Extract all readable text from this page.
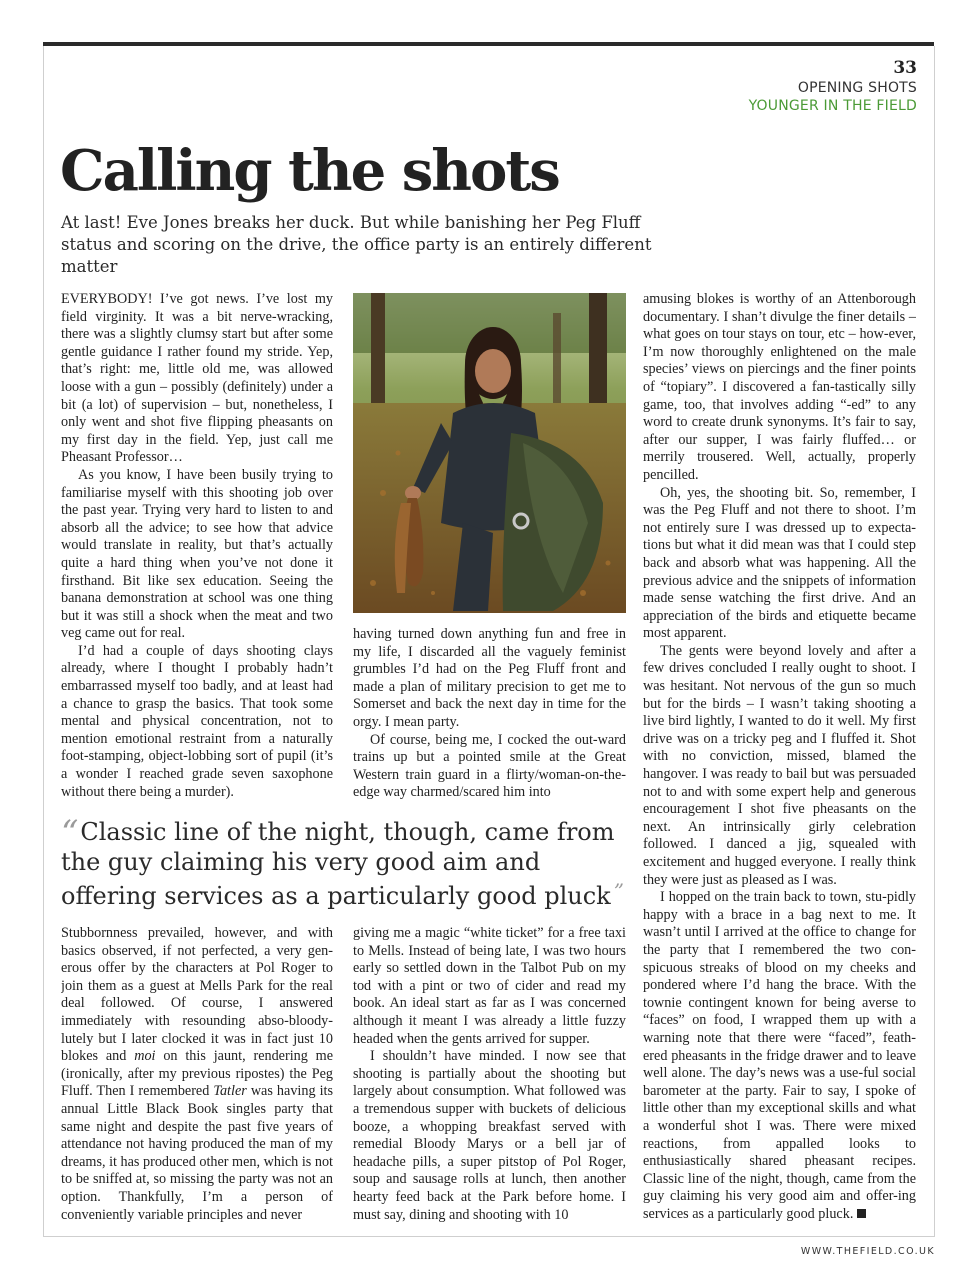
33
OPENING SHOTS
YOUNGER IN THE FIELD
Calling the shots
At last! Eve Jones breaks her duck. But while banishing her Peg Fluff status and scoring on the drive, the office party is an entirely different matter

EVERYBODY! I’ve got news. I’ve lost my field virginity. It was a bit nerve-wracking, there was a slightly clumsy start but after some gentle guidance I rather found my stride. Yep, that’s right: me, little old me, was allowed loose with a gun – possibly (definitely) under a bit (a lot) of supervision – but, nonetheless, I only went and shot five flipping pheasants on my first day in the field. Yep, just call me Pheasant Professor…

As you know, I have been busily trying to familiarise myself with this shooting job over the past year. Trying very hard to listen to and absorb all the advice; to see how that advice would translate in reality, but that’s actually quite a hard thing when you’ve not done it firsthand. Bit like sex education. Seeing the banana demonstration at school was one thing but it was still a shock when the meat and two veg came out for real.

I’d had a couple of days shooting clays already, where I thought I probably hadn’t embarrassed myself too badly, and at least had a chance to grasp the basics. That took some mental and physical concentration, not to mention emotional restraint from a naturally foot-stamping, object-lobbing sort of pupil (it’s a wonder I reached grade seven saxophone without there being a murder).

having turned down anything fun and free in my life, I discarded all the vaguely feminist grumbles I’d had on the Peg Fluff front and made a plan of military precision to get me to Somerset and back the next day in time for the orgy. I mean party.

Of course, being me, I cocked the out-ward trains up but a pointed smile at the Great Western train guard in a flirty/woman-on-the-edge way charmed/scared him into

amusing blokes is worthy of an Attenborough documentary. I shan’t divulge the finer details – what goes on tour stays on tour, etc – how-ever, I’m now thoroughly enlightened on the male species’ views on piercings and the finer points of “topiary”. I discovered a fan-tastically silly game, too, that involves adding “-ed” to any word to create drunk synonyms. It’s fair to say, after our supper, I was fairly fluffed… or merrily trousered. Well, actually, properly pencilled.

Oh, yes, the shooting bit. So, remember, I was the Peg Fluff and not there to shoot. I’m not entirely sure I was dressed up to expecta-tions but what it did mean was that I could step back and absorb what was happening. All the previous advice and the snippets of information made sense watching the first drive. And an appreciation of the birds and etiquette became most apparent.

The gents were beyond lovely and after a few drives concluded I really ought to shoot. I was hesitant. Not nervous of the gun so much but for the birds – I wasn’t taking shooting a live bird lightly, I wanted to do it well. My first drive was on a tricky peg and I fluffed it. Shot with no conviction, missed, blamed the hangover. I was ready to bail but was persuaded not to and with some expert help and generous encouragement I shot five pheasants on the next. An intrinsically girly celebration followed. I danced a jig, squealed with excitement and hugged everyone. I really think they were just as pleased as I was.

I hopped on the train back to town, stu-pidly happy with a brace in a bag next to me. It wasn’t until I arrived at the office to change for the party that I remembered the two con-spicuous streaks of blood on my cheeks and pondered where I’d hang the brace. With the townie contingent known for being averse to “faces” on food, I wrapped them up with a warning note that there were “faced”, feath-ered pheasants in the fridge drawer and to leave well alone. The day’s news was a use-ful social barometer at the party. Fair to say, I spoke of little other than my exceptional skills and what a wonderful shot I was. There were mixed reactions, from appalled looks to enthusiastically shared pheasant recipes. Classic line of the night, though, came from the guy claiming his very good aim and offer-ing services as a particularly good pluck.

“Classic line of the night, though, came from the guy claiming his very good aim and offering services as a particularly good pluck ”

Stubbornness prevailed, however, and with basics observed, if not perfected, a very gen-erous offer by the characters at Pol Roger to join them as a guest at Mells Park for the real deal followed. Of course, I answered immediately with resounding abso-bloody-lutely but I later clocked it was in fact just 10 blokes and moi on this jaunt, rendering me (ironically, after my previous ripostes) the Peg Fluff. Then I remembered Tatler was having its annual Little Black Book singles party that same night and despite the past five years of attendance not having produced the man of my dreams, it has produced other men, which is not to be sniffed at, so missing the party was not an option. Thankfully, I’m a person of conveniently variable principles and never

giving me a magic “white ticket” for a free taxi to Mells. Instead of being late, I was two hours early so settled down in the Talbot Pub on my tod with a pint or two of cider and read my book. An ideal start as far as I was concerned although it meant I was already a little fuzzy headed when the gents arrived for supper.

I shouldn’t have minded. I now see that shooting is partially about the shooting but largely about consumption. What followed was a tremendous supper with buckets of delicious booze, a whopping breakfast served with remedial Bloody Marys or a bell jar of headache pills, a super pitstop of Pol Roger, soup and sausage rolls at lunch, then another hearty feed back at the Park before home. I must say, dining and shooting with 10

WWW.THEFIELD.CO.UK
